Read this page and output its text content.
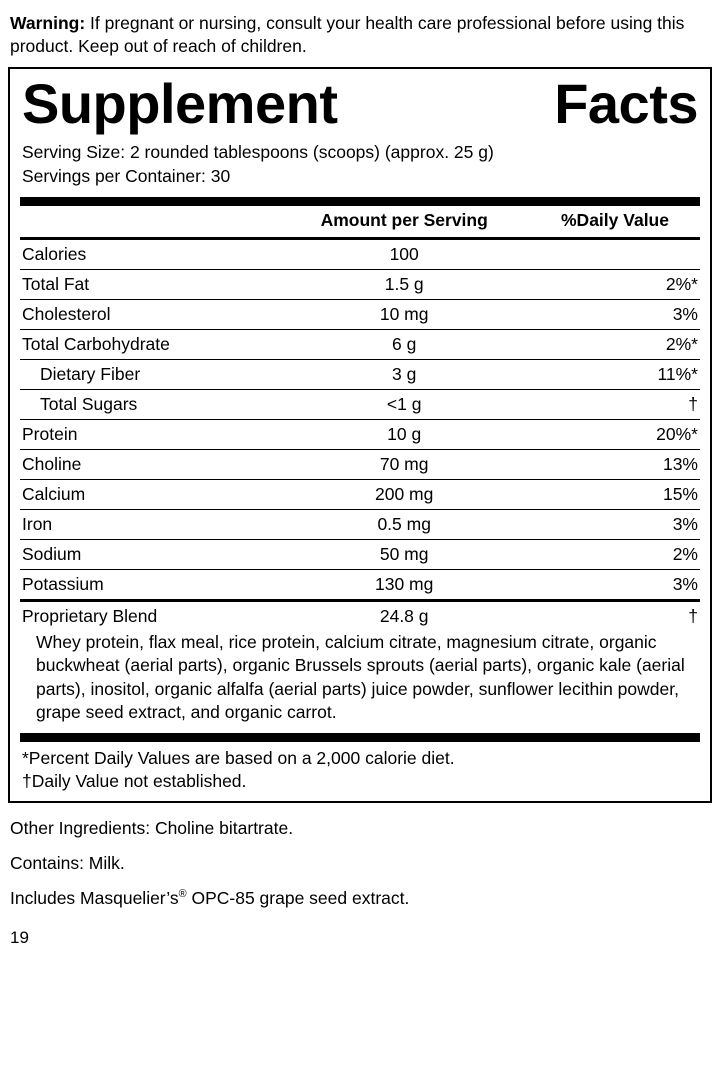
Warning: If pregnant or nursing, consult your health care professional before using this product. Keep out of reach of children.
Supplement	Facts
Serving Size: 2 rounded tablespoons (scoops) (approx. 25 g)
Servings per Container: 30
	Amount per Serving	%Daily Value
Calories	100	
Total Fat	1.5 g	2%*
Cholesterol	10 mg	3%
Total Carbohydrate	6 g	2%*
Dietary Fiber	3 g	11%*
Total Sugars	<1 g	†
Protein	10 g	20%*
Choline	70 mg	13%
Calcium	200 mg	15%
Iron	0.5 mg	3%
Sodium	50 mg	2%
Potassium	130 mg	3%
Proprietary Blend	24.8 g	†
Whey protein, flax meal, rice protein, calcium citrate, magnesium citrate, organic buckwheat (aerial parts), organic Brussels sprouts (aerial parts), organic kale (aerial parts), inositol, organic alfalfa (aerial parts) juice powder, sunflower lecithin powder, grape seed extract, and organic carrot.
*Percent Daily Values are based on a 2,000 calorie diet.
†Daily Value not established.

Other Ingredients: Choline bitartrate.

Contains: Milk.

Includes Masquelier’s® OPC-85 grape seed extract.

19
